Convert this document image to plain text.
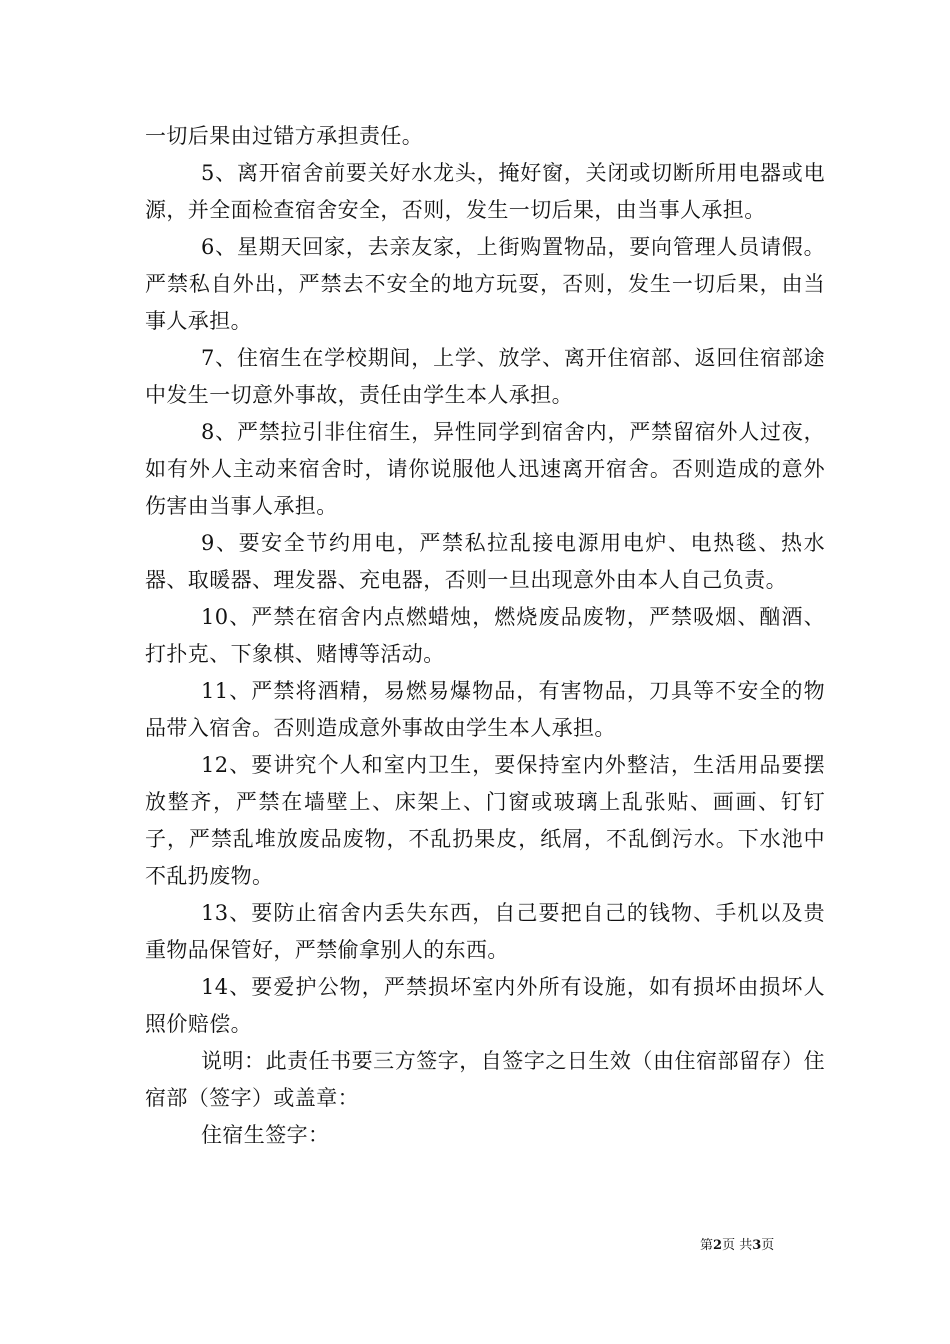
一切后果由过错方承担责任。

5、离开宿舍前要关好水龙头，掩好窗，关闭或切断所用电器或电源，并全面检查宿舍安全，否则，发生一切后果，由当事人承担。

6、星期天回家，去亲友家，上街购置物品，要向管理人员请假。严禁私自外出，严禁去不安全的地方玩耍，否则，发生一切后果，由当事人承担。

7、住宿生在学校期间，上学、放学、离开住宿部、返回住宿部途中发生一切意外事故，责任由学生本人承担。

8、严禁拉引非住宿生，异性同学到宿舍内，严禁留宿外人过夜，如有外人主动来宿舍时，请你说服他人迅速离开宿舍。否则造成的意外伤害由当事人承担。

9、要安全节约用电，严禁私拉乱接电源用电炉、电热毯、热水器、取暖器、理发器、充电器，否则一旦出现意外由本人自己负责。

10、严禁在宿舍内点燃蜡烛，燃烧废品废物，严禁吸烟、酗酒、打扑克、下象棋、赌博等活动。

11、严禁将酒精，易燃易爆物品，有害物品，刀具等不安全的物品带入宿舍。否则造成意外事故由学生本人承担。

12、要讲究个人和室内卫生，要保持室内外整洁，生活用品要摆放整齐，严禁在墙壁上、床架上、门窗或玻璃上乱张贴、画画、钉钉子，严禁乱堆放废品废物，不乱扔果皮，纸屑，不乱倒污水。下水池中不乱扔废物。

13、要防止宿舍内丢失东西，自己要把自己的钱物、手机以及贵重物品保管好，严禁偷拿别人的东西。

14、要爱护公物，严禁损坏室内外所有设施，如有损坏由损坏人照价赔偿。

说明：此责任书要三方签字，自签字之日生效（由住宿部留存）住宿部（签字）或盖章：

住宿生签字：

第2页 共3页
